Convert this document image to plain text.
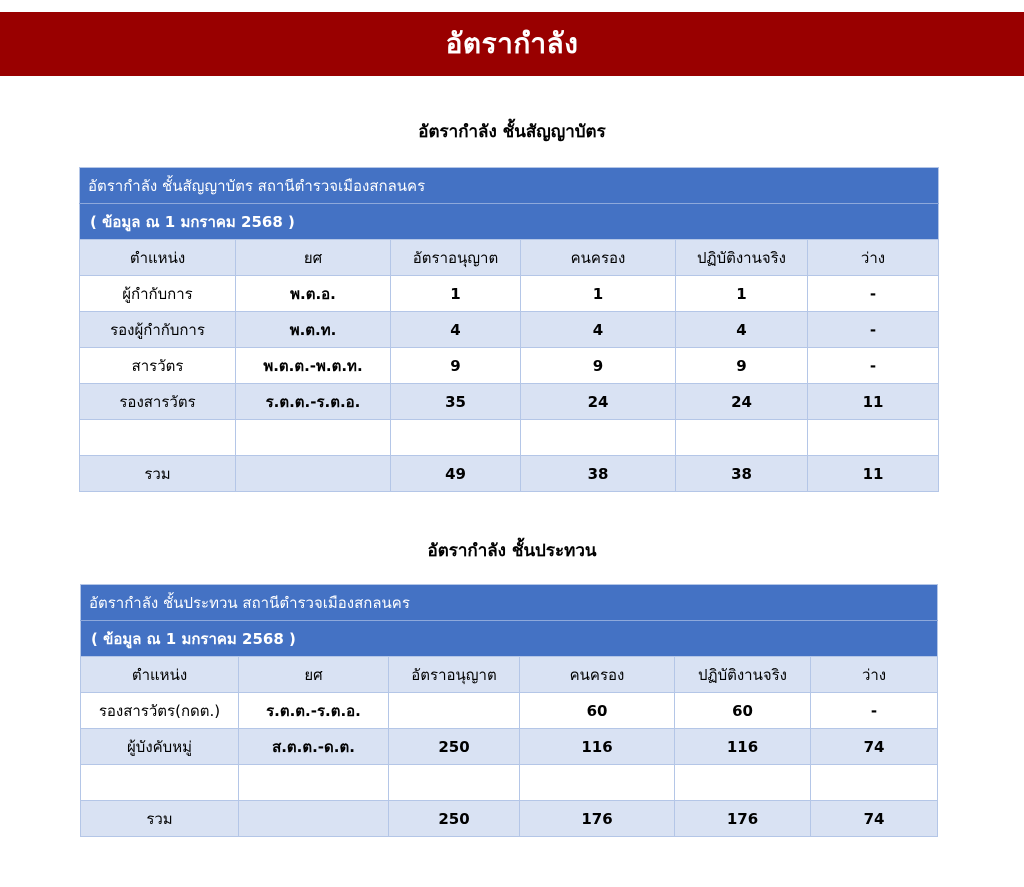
อัตรากำลัง
อัตรากำลัง ชั้นสัญญาบัตร
อัตรากำลัง ชั้นสัญญาบัตร สถานีตำรวจเมืองสกลนคร					
( ข้อมูล ณ 1 มกราคม 2568 )					
ตำแหน่ง	ยศ	อัตราอนุญาต	คนครอง	ปฏิบัติงานจริง	ว่าง
ผู้กำกับการ	พ.ต.อ.	1	1	1	-
รองผู้กำกับการ	พ.ต.ท.	4	4	4	-
สารวัตร	พ.ต.ต.-พ.ต.ท.	9	9	9	-
รองสารวัตร	ร.ต.ต.-ร.ต.อ.	35	24	24	11

รวม		49	38	38	11
อัตรากำลัง ชั้นประทวน
อัตรากำลัง ชั้นประทวน สถานีตำรวจเมืองสกลนคร					
( ข้อมูล ณ 1 มกราคม 2568 )					
ตำแหน่ง	ยศ	อัตราอนุญาต	คนครอง	ปฏิบัติงานจริง	ว่าง
รองสารวัตร(กดต.)	ร.ต.ต.-ร.ต.อ.		60	60	-
ผู้บังคับหมู่	ส.ต.ต.-ด.ต.	250	116	116	74

รวม		250	176	176	74
